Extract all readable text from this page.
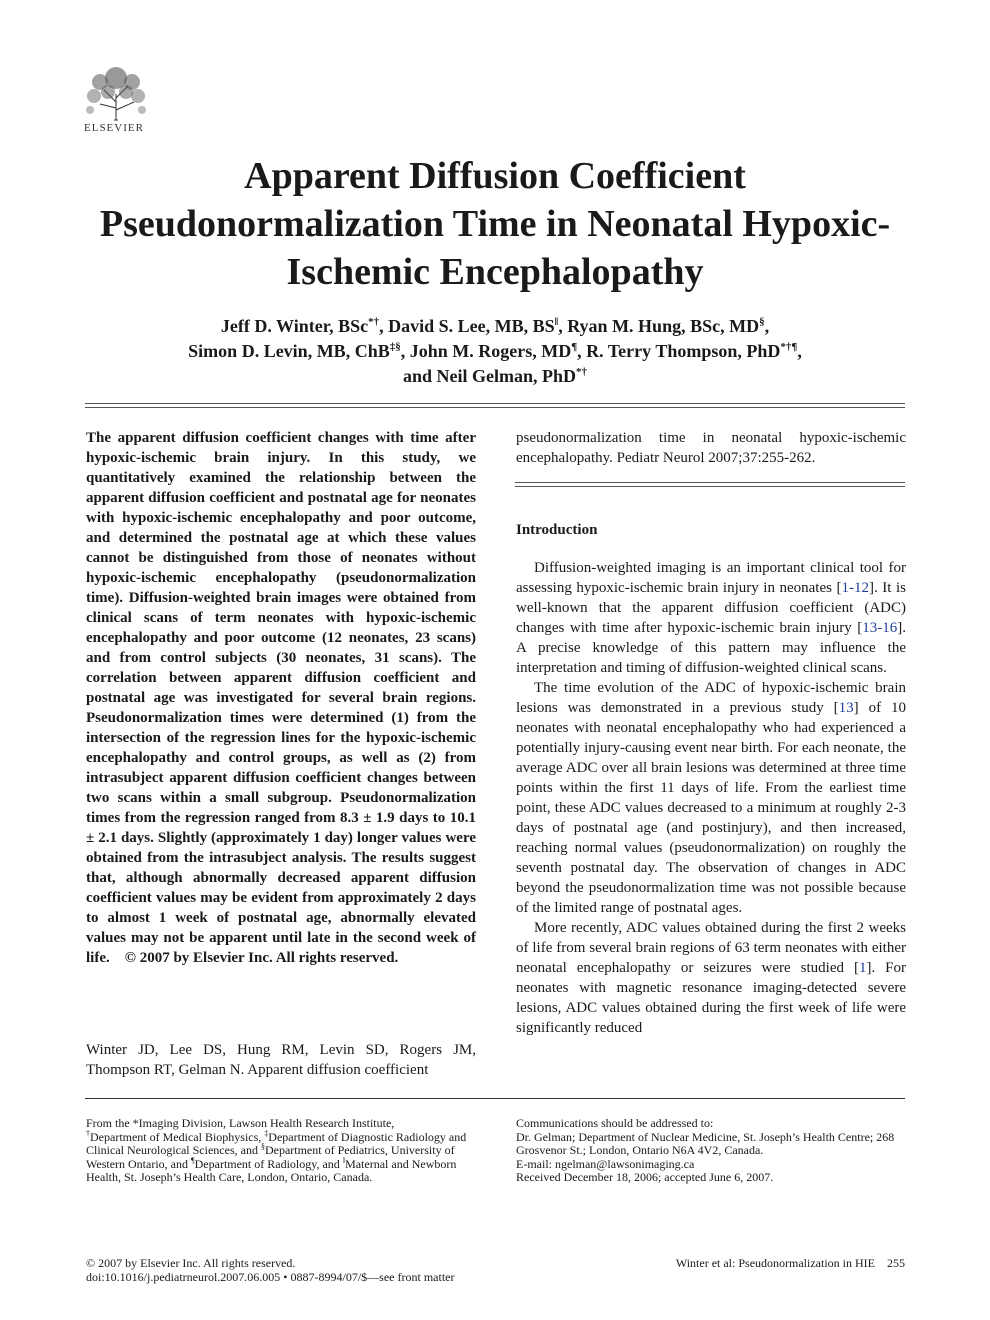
ELSEVIER
Apparent Diffusion Coefficient Pseudonormalization Time in Neonatal Hypoxic-Ischemic Encephalopathy
Jeff D. Winter, BSc*†, David S. Lee, MB, BS‖, Ryan M. Hung, BSc, MD§,
Simon D. Levin, MB, ChB‡§, John M. Rogers, MD¶, R. Terry Thompson, PhD*†¶,
and Neil Gelman, PhD*†
The apparent diffusion coefficient changes with time after hypoxic-ischemic brain injury. In this study, we quantitatively examined the relationship between the apparent diffusion coefficient and postnatal age for neonates with hypoxic-ischemic encephalopathy and poor outcome, and determined the postnatal age at which these values cannot be distinguished from those of neonates without hypoxic-ischemic encephalopathy (pseudonormalization time). Diffusion-weighted brain images were obtained from clinical scans of term neonates with hypoxic-ischemic encephalopathy and poor outcome (12 neonates, 23 scans) and from control subjects (30 neonates, 31 scans). The correlation between apparent diffusion coefficient and postnatal age was investigated for several brain regions. Pseudonormalization times were determined (1) from the intersection of the regression lines for the hypoxic-ischemic encephalopathy and control groups, as well as (2) from intrasubject apparent diffusion coefficient changes between two scans within a small subgroup. Pseudonormalization times from the regression ranged from 8.3 ± 1.9 days to 10.1 ± 2.1 days. Slightly (approximately 1 day) longer values were obtained from the intrasubject analysis. The results suggest that, although abnormally decreased apparent diffusion coefficient values may be evident from approximately 2 days to almost 1 week of postnatal age, abnormally elevated values may not be apparent until late in the second week of life. © 2007 by Elsevier Inc. All rights reserved.
Winter JD, Lee DS, Hung RM, Levin SD, Rogers JM, Thompson RT, Gelman N. Apparent diffusion coefficient
pseudonormalization time in neonatal hypoxic-ischemic encephalopathy. Pediatr Neurol 2007;37:255-262.
Introduction

Diffusion-weighted imaging is an important clinical tool for assessing hypoxic-ischemic brain injury in neonates [1-12]. It is well-known that the apparent diffusion coefficient (ADC) changes with time after hypoxic-ischemic brain injury [13-16]. A precise knowledge of this pattern may influence the interpretation and timing of diffusion-weighted clinical scans.

The time evolution of the ADC of hypoxic-ischemic brain lesions was demonstrated in a previous study [13] of 10 neonates with neonatal encephalopathy who had experienced a potentially injury-causing event near birth. For each neonate, the average ADC over all brain lesions was determined at three time points within the first 11 days of life. From the earliest time point, these ADC values decreased to a minimum at roughly 2-3 days of postnatal age (and postinjury), and then increased, reaching normal values (pseudonormalization) on roughly the seventh postnatal day. The observation of changes in ADC beyond the pseudonormalization time was not possible because of the limited range of postnatal ages.

More recently, ADC values obtained during the first 2 weeks of life from several brain regions of 63 term neonates with either neonatal encephalopathy or seizures were studied [1]. For neonates with magnetic resonance imaging-detected severe lesions, ADC values obtained during the first week of life were significantly reduced

From the *Imaging Division, Lawson Health Research Institute,
†Department of Medical Biophysics, ‡Department of Diagnostic Radiology and Clinical Neurological Sciences, and §Department of Pediatrics, University of Western Ontario, and ¶Department of Radiology, and ‖Maternal and Newborn Health, St. Joseph’s Health Care, London, Ontario, Canada.
Communications should be addressed to:
Dr. Gelman; Department of Nuclear Medicine, St. Joseph’s Health Centre; 268 Grosvenor St.; London, Ontario N6A 4V2, Canada.
E-mail: ngelman@lawsonimaging.ca
Received December 18, 2006; accepted June 6, 2007.
© 2007 by Elsevier Inc. All rights reserved.
doi:10.1016/j.pediatrneurol.2007.06.005 • 0887-8994/07/$—see front matter
Winter et al: Pseudonormalization in HIE 255
